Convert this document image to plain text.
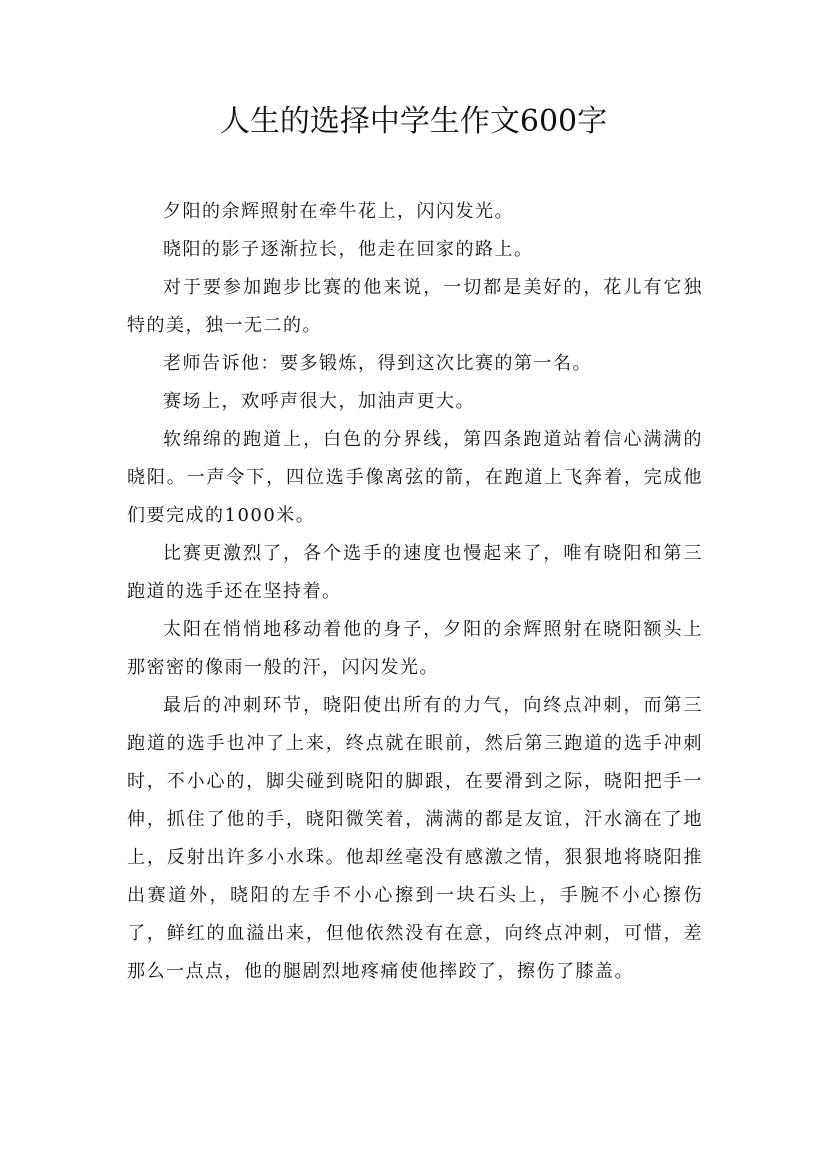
人生的选择中学生作文600字

夕阳的余辉照射在牵牛花上，闪闪发光。

晓阳的影子逐渐拉长，他走在回家的路上。

对于要参加跑步比赛的他来说，一切都是美好的，花儿有它独特的美，独一无二的。

老师告诉他：要多锻炼，得到这次比赛的第一名。

赛场上，欢呼声很大，加油声更大。

软绵绵的跑道上，白色的分界线，第四条跑道站着信心满满的晓阳。一声令下，四位选手像离弦的箭，在跑道上飞奔着，完成他们要完成的1000米。

比赛更激烈了，各个选手的速度也慢起来了，唯有晓阳和第三跑道的选手还在坚持着。

太阳在悄悄地移动着他的身子，夕阳的余辉照射在晓阳额头上那密密的像雨一般的汗，闪闪发光。

最后的冲刺环节，晓阳使出所有的力气，向终点冲刺，而第三跑道的选手也冲了上来，终点就在眼前，然后第三跑道的选手冲刺时，不小心的，脚尖碰到晓阳的脚跟，在要滑到之际，晓阳把手一伸，抓住了他的手，晓阳微笑着，满满的都是友谊，汗水滴在了地上，反射出许多小水珠。他却丝毫没有感激之情，狠狠地将晓阳推出赛道外，晓阳的左手不小心擦到一块石头上，手腕不小心擦伤了，鲜红的血溢出来，但他依然没有在意，向终点冲刺，可惜，差那么一点点，他的腿剧烈地疼痛使他摔跤了，擦伤了膝盖。
